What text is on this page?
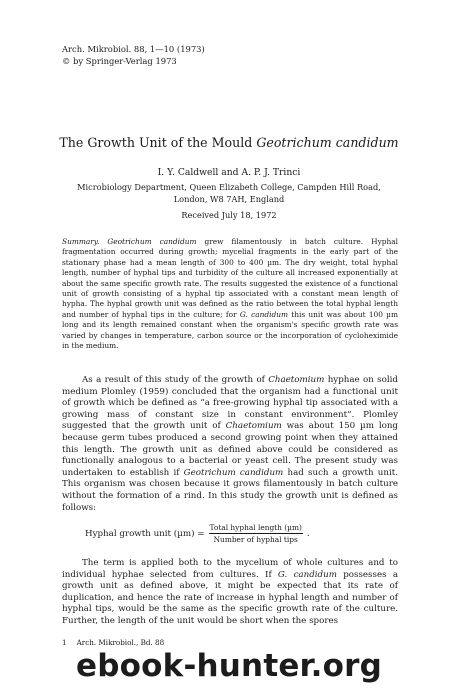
Arch. Mikrobiol. 88, 1—10 (1973)
© by Springer-Verlag 1973
The Growth Unit of the Mould Geotrichum candidum
I. Y. Caldwell and A. P. J. Trinci
Microbiology Department, Queen Elizabeth College, Campden Hill Road,
London, W8 7AH, England
Received July 18, 1972

Summary. Geotrichum candidum grew filamentously in batch culture. Hyphal fragmentation occurred during growth; mycelial fragments in the early part of the stationary phase had a mean length of 300 to 400 µm. The dry weight, total hyphal length, number of hyphal tips and turbidity of the culture all increased exponentially at about the same specific growth rate. The results suggested the existence of a functional unit of growth consisting of a hyphal tip associated with a constant mean length of hypha. The hyphal growth unit was defined as the ratio between the total hyphal length and number of hyphal tips in the culture; for G. candidum this unit was about 100 µm long and its length remained constant when the organism's specific growth rate was varied by changes in temperature, carbon source or the incorporation of cycloheximide in the medium.

As a result of this study of the growth of Chaetomium hyphae on solid medium Plomley (1959) concluded that the organism had a functional unit of growth which be defined as “a free-growing hyphal tip associated with a growing mass of constant size in constant environment”. Plomley suggested that the growth unit of Chaetomium was about 150 µm long because germ tubes produced a second growing point when they attained this length. The growth unit as defined above could be considered as functionally analogous to a bacterial or yeast cell. The present study was undertaken to establish if Geotrichum candidum had such a growth unit. This organism was chosen because it grows filamentously in batch culture without the formation of a rind. In this study the growth unit is defined as follows:

Hyphal growth unit $(\mu m) = \frac{\text{Total hyphal length (µm)}}{\text{Number of hyphal tips}}$ .

The term is applied both to the mycelium of whole cultures and to individual hyphae selected from cultures. If G. candidum possesses a growth unit as defined above, it might be expected that its rate of duplication, and hence the rate of increase in hyphal length and number of hyphal tips, would be the same as the specific growth rate of the culture. Further, the length of the unit would be short when the spores

1 Arch. Mikrobiol., Bd. 88
ebook-hunter.org
